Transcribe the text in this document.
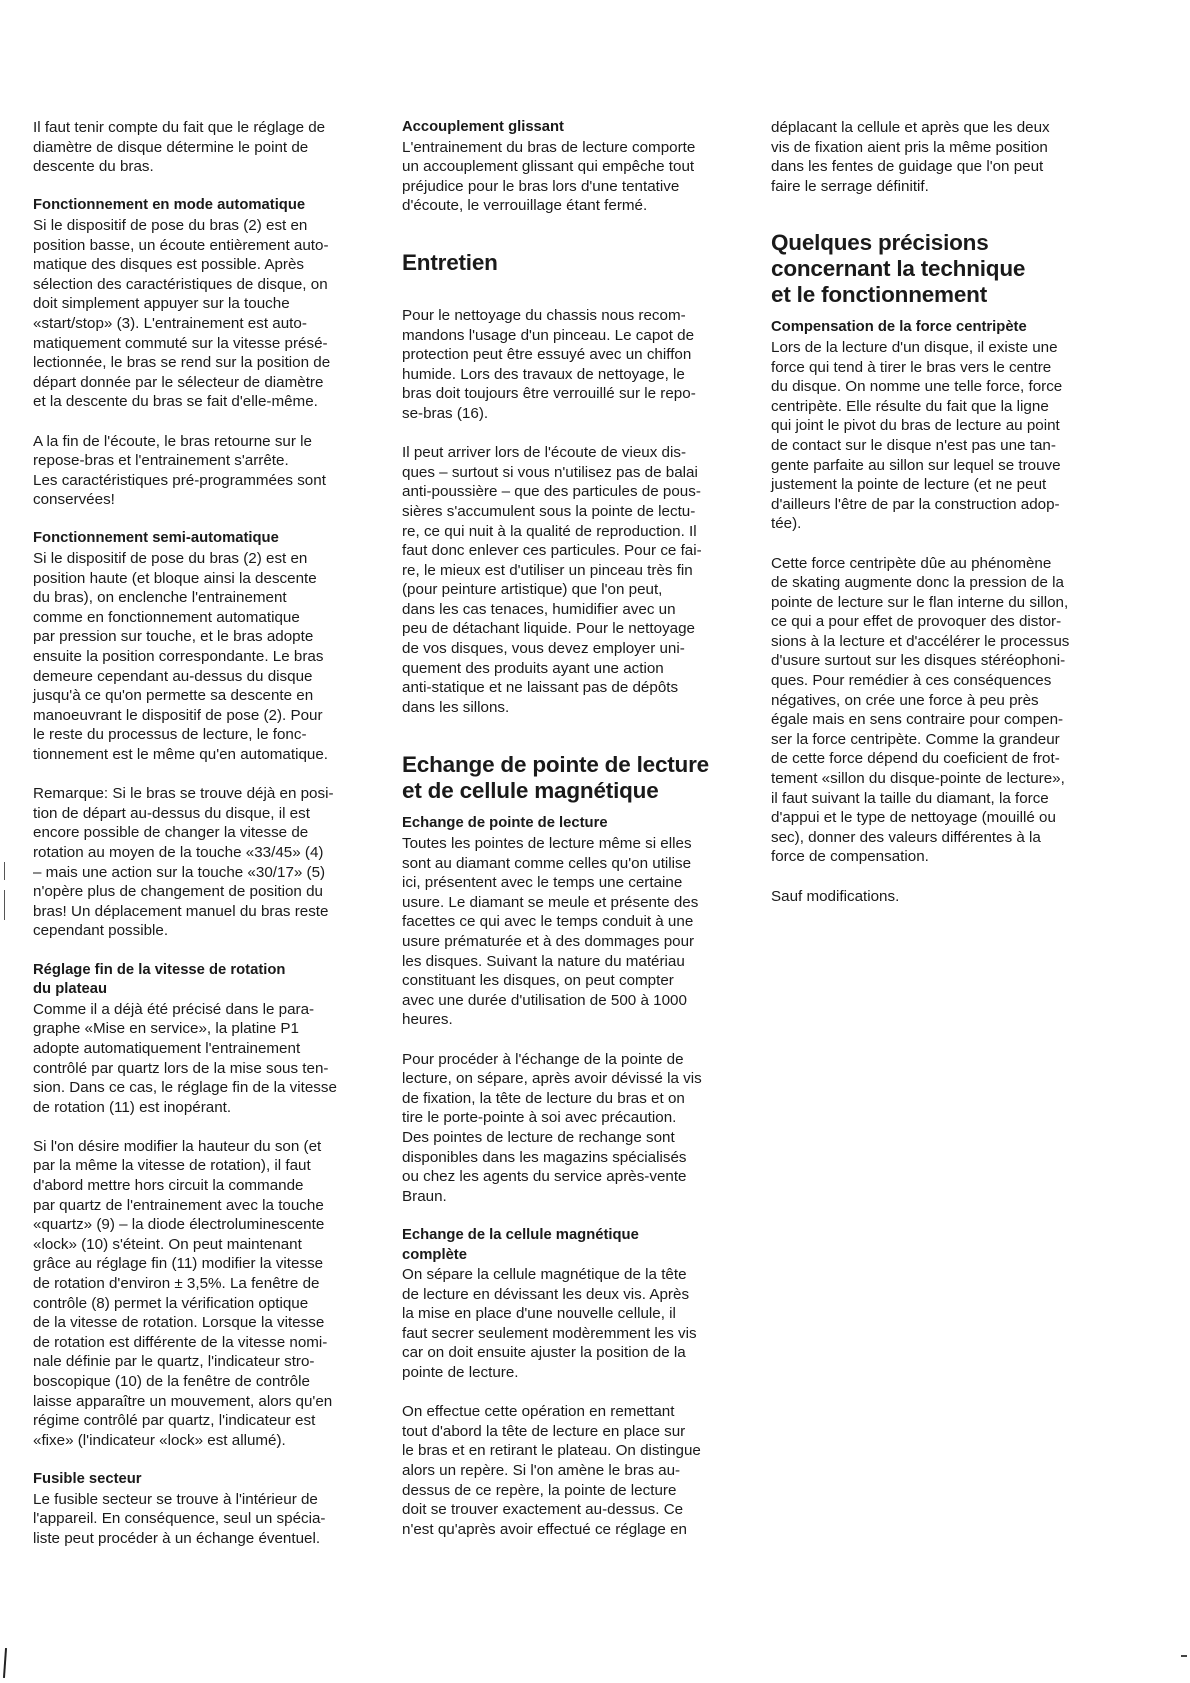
Il faut tenir compte du fait que le réglage de
diamètre de disque détermine le point de
descente du bras.

Fonctionnement en mode automatique

Si le dispositif de pose du bras (2) est en
position basse, un écoute entièrement auto-
matique des disques est possible. Après
sélection des caractéristiques de disque, on
doit simplement appuyer sur la touche
«start/stop» (3). L'entrainement est auto-
matiquement commuté sur la vitesse présé-
lectionnée, le bras se rend sur la position de
départ donnée par le sélecteur de diamètre
et la descente du bras se fait d'elle-même.

A la fin de l'écoute, le bras retourne sur le
repose-bras et l'entrainement s'arrête.
Les caractéristiques pré-programmées sont
conservées!

Fonctionnement semi-automatique

Si le dispositif de pose du bras (2) est en
position haute (et bloque ainsi la descente
du bras), on enclenche l'entrainement
comme en fonctionnement automatique
par pression sur touche, et le bras adopte
ensuite la position correspondante. Le bras
demeure cependant au-dessus du disque
jusqu'à ce qu'on permette sa descente en
manoeuvrant le dispositif de pose (2). Pour
le reste du processus de lecture, le fonc-
tionnement est le même qu'en automatique.

Remarque: Si le bras se trouve déjà en posi-
tion de départ au-dessus du disque, il est
encore possible de changer la vitesse de
rotation au moyen de la touche «33/45» (4)
– mais une action sur la touche «30/17» (5)
n'opère plus de changement de position du
bras! Un déplacement manuel du bras reste
cependant possible.

Réglage fin de la vitesse de rotation
du plateau

Comme il a déjà été précisé dans le para-
graphe «Mise en service», la platine P1
adopte automatiquement l'entrainement
contrôlé par quartz lors de la mise sous ten-
sion. Dans ce cas, le réglage fin de la vitesse
de rotation (11) est inopérant.

Si l'on désire modifier la hauteur du son (et
par la même la vitesse de rotation), il faut
d'abord mettre hors circuit la commande
par quartz de l'entrainement avec la touche
«quartz» (9) – la diode électroluminescente
«lock» (10) s'éteint. On peut maintenant
grâce au réglage fin (11) modifier la vitesse
de rotation d'environ ± 3,5%. La fenêtre de
contrôle (8) permet la vérification optique
de la vitesse de rotation. Lorsque la vitesse
de rotation est différente de la vitesse nomi-
nale définie par le quartz, l'indicateur stro-
boscopique (10) de la fenêtre de contrôle
laisse apparaître un mouvement, alors qu'en
régime contrôlé par quartz, l'indicateur est
«fixe» (l'indicateur «lock» est allumé).

Fusible secteur

Le fusible secteur se trouve à l'intérieur de
l'appareil. En conséquence, seul un spécia-
liste peut procéder à un échange éventuel.

Accouplement glissant

L'entrainement du bras de lecture comporte
un accouplement glissant qui empêche tout
préjudice pour le bras lors d'une tentative
d'écoute, le verrouillage étant fermé.

Entretien

Pour le nettoyage du chassis nous recom-
mandons l'usage d'un pinceau. Le capot de
protection peut être essuyé avec un chiffon
humide. Lors des travaux de nettoyage, le
bras doit toujours être verrouillé sur le repo-
se-bras (16).

Il peut arriver lors de l'écoute de vieux dis-
ques – surtout si vous n'utilisez pas de balai
anti-poussière – que des particules de pous-
sières s'accumulent sous la pointe de lectu-
re, ce qui nuit à la qualité de reproduction. Il
faut donc enlever ces particules. Pour ce fai-
re, le mieux est d'utiliser un pinceau très fin
(pour peinture artistique) que l'on peut,
dans les cas tenaces, humidifier avec un
peu de détachant liquide. Pour le nettoyage
de vos disques, vous devez employer uni-
quement des produits ayant une action
anti-statique et ne laissant pas de dépôts
dans les sillons.

Echange de pointe de lecture
et de cellule magnétique
Echange de pointe de lecture

Toutes les pointes de lecture même si elles
sont au diamant comme celles qu'on utilise
ici, présentent avec le temps une certaine
usure. Le diamant se meule et présente des
facettes ce qui avec le temps conduit à une
usure prématurée et à des dommages pour
les disques. Suivant la nature du matériau
constituant les disques, on peut compter
avec une durée d'utilisation de 500 à 1000
heures.

Pour procéder à l'échange de la pointe de
lecture, on sépare, après avoir dévissé la vis
de fixation, la tête de lecture du bras et on
tire le porte-pointe à soi avec précaution.
Des pointes de lecture de rechange sont
disponibles dans les magazins spécialisés
ou chez les agents du service après-vente
Braun.

Echange de la cellule magnétique
complète

On sépare la cellule magnétique de la tête
de lecture en dévissant les deux vis. Après
la mise en place d'une nouvelle cellule, il
faut secrer seulement modèremment les vis
car on doit ensuite ajuster la position de la
pointe de lecture.

On effectue cette opération en remettant
tout d'abord la tête de lecture en place sur
le bras et en retirant le plateau. On distingue
alors un repère. Si l'on amène le bras au-
dessus de ce repère, la pointe de lecture
doit se trouver exactement au-dessus. Ce
n'est qu'après avoir effectué ce réglage en

déplacant la cellule et après que les deux
vis de fixation aient pris la même position
dans les fentes de guidage que l'on peut
faire le serrage définitif.

Quelques précisions
concernant la technique
et le fonctionnement
Compensation de la force centripète

Lors de la lecture d'un disque, il existe une
force qui tend à tirer le bras vers le centre
du disque. On nomme une telle force, force
centripète. Elle résulte du fait que la ligne
qui joint le pivot du bras de lecture au point
de contact sur le disque n'est pas une tan-
gente parfaite au sillon sur lequel se trouve
justement la pointe de lecture (et ne peut
d'ailleurs l'être de par la construction adop-
tée).

Cette force centripète dûe au phénomène
de skating augmente donc la pression de la
pointe de lecture sur le flan interne du sillon,
ce qui a pour effet de provoquer des distor-
sions à la lecture et d'accélérer le processus
d'usure surtout sur les disques stéréophoni-
ques. Pour remédier à ces conséquences
négatives, on crée une force à peu près
égale mais en sens contraire pour compen-
ser la force centripète. Comme la grandeur
de cette force dépend du coeficient de frot-
tement «sillon du disque-pointe de lecture»,
il faut suivant la taille du diamant, la force
d'appui et le type de nettoyage (mouillé ou
sec), donner des valeurs différentes à la
force de compensation.

Sauf modifications.
